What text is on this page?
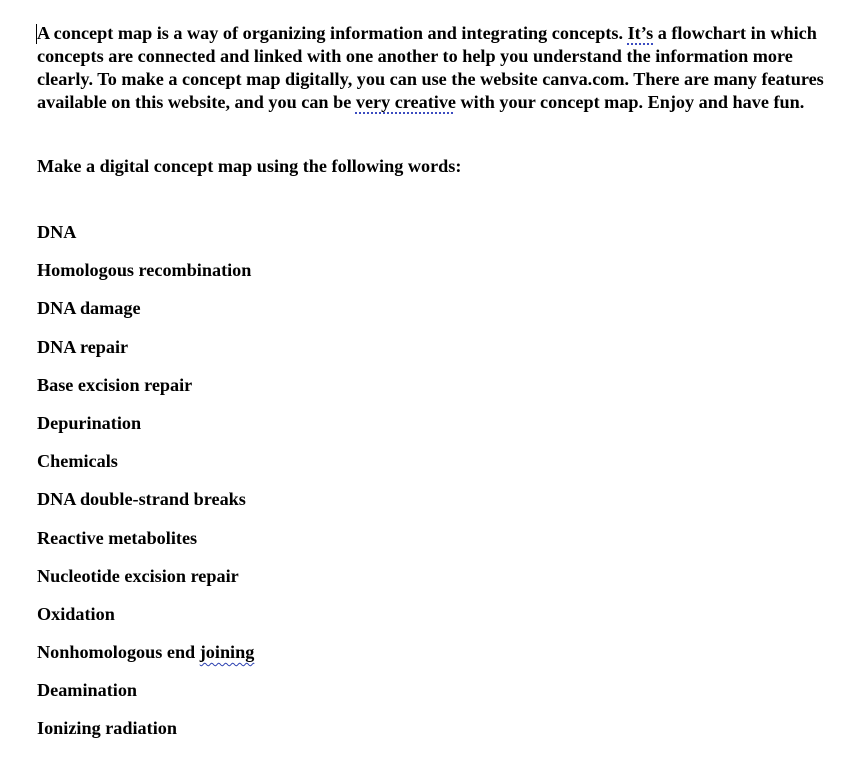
A concept map is a way of organizing information and integrating concepts. It’s a flowchart in which concepts are connected and linked with one another to help you understand the information more clearly. To make a concept map digitally, you can use the website canva.com. There are many features available on this website, and you can be very creative with your concept map. Enjoy and have fun.

Make a digital concept map using the following words:

DNA
Homologous recombination
DNA damage
DNA repair
Base excision repair
Depurination
Chemicals
DNA double-strand breaks
Reactive metabolites
Nucleotide excision repair
Oxidation
Nonhomologous end joining
Deamination
Ionizing radiation
